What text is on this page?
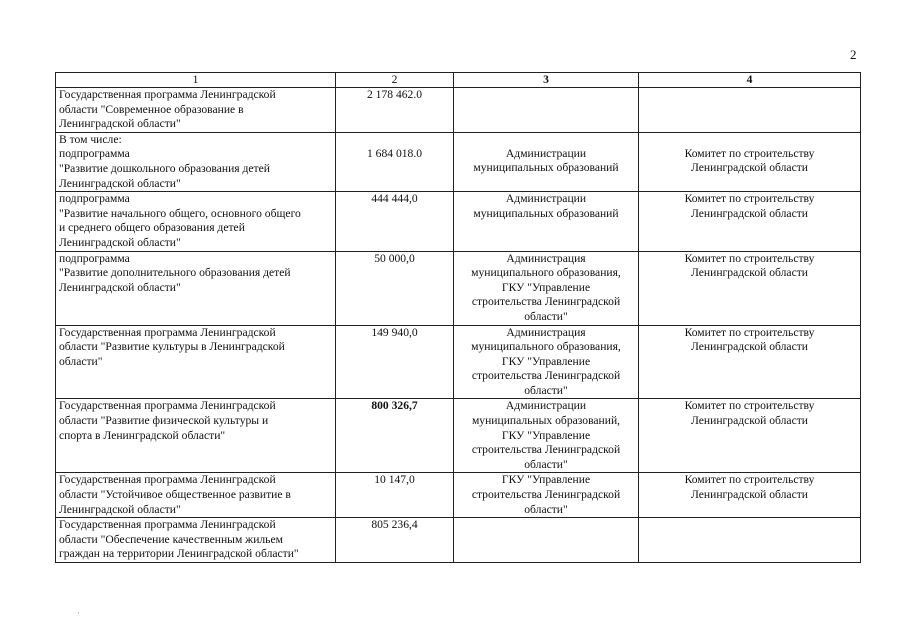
2
1	2	3	4

Государственная программа Ленинградской
области "Современное образование в
Ленинградской области"	2 178 462.0		

В том числе:
подпрограмма
"Развитие дошкольного образования детей
Ленинградской области"	1 684 018.0	Администрации
муниципальных образований	Комитет по строительству
Ленинградской области

подпрограмма
"Развитие начального общего, основного общего
и среднего общего образования детей
Ленинградской области"	444 444,0	Администрации
муниципальных образований	Комитет по строительству
Ленинградской области

подпрограмма
"Развитие дополнительного образования детей
Ленинградской области"	50 000,0	Администрация
муниципального образования,
ГКУ "Управление
строительства Ленинградской
области"	Комитет по строительству
Ленинградской области

Государственная программа Ленинградской
области "Развитие культуры в Ленинградской
области"	149 940,0	Администрация
муниципального образования,
ГКУ "Управление
строительства Ленинградской
области"	Комитет по строительству
Ленинградской области

Государственная программа Ленинградской
области "Развитие физической культуры и
спорта в Ленинградской области"	800 326,7	Администрации
муниципальных образований,
ГКУ "Управление
строительства Ленинградской
области"	Комитет по строительству
Ленинградской области

Государственная программа Ленинградской
области "Устойчивое общественное развитие в
Ленинградской области"	10 147,0	ГКУ "Управление
строительства Ленинградской
области"	Комитет по строительству
Ленинградской области

Государственная программа Ленинградской
области "Обеспечение качественным жильем
граждан на территории Ленинградской области"	805 236,4		
·
